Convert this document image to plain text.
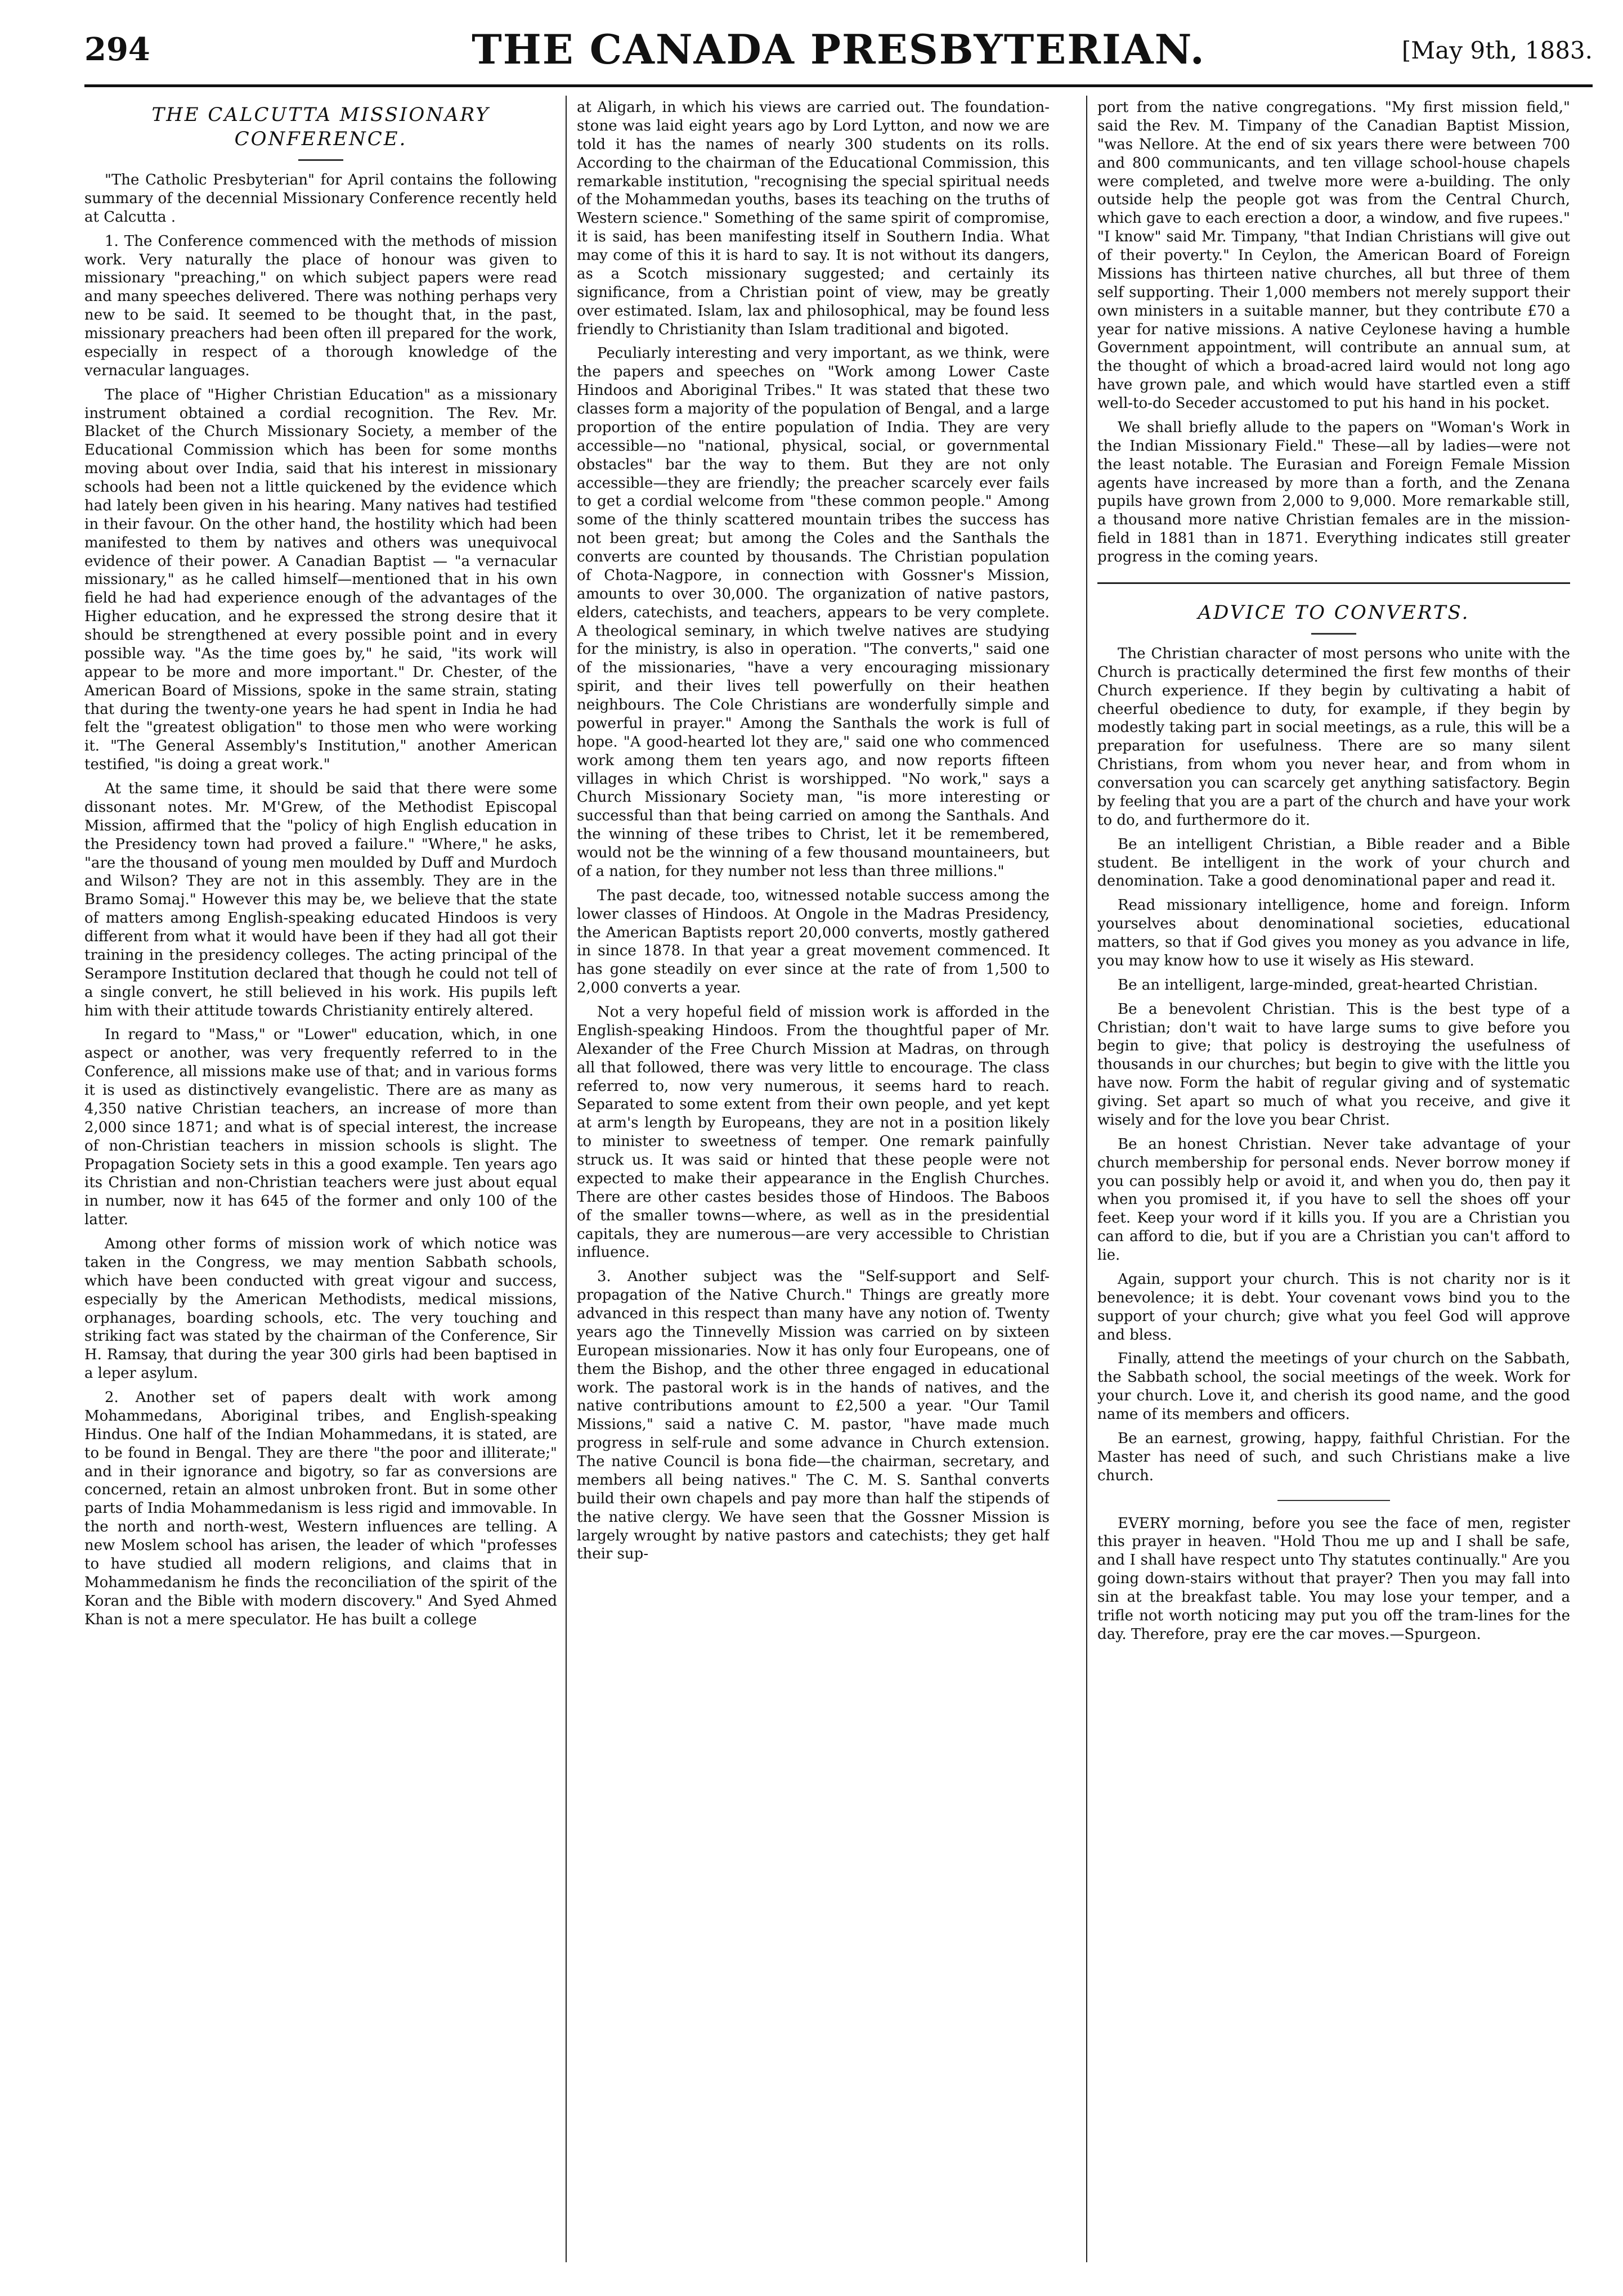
294	THE CANADA PRESBYTERIAN.	[May 9th, 1883.
THE CALCUTTA MISSIONARY CONFERENCE.

"The Catholic Presbyterian" for April contains the following summary of the decennial Missionary Conference recently held at Calcutta .

1. The Conference commenced with the methods of mission work. Very naturally the place of honour was given to missionary "preaching," on which subject papers were read and many speeches delivered. There was nothing perhaps very new to be said. It seemed to be thought that, in the past, missionary preachers had been often ill prepared for the work, especially in respect of a thorough knowledge of the vernacular languages.

The place of "Higher Christian Education" as a missionary instrument obtained a cordial recognition. The Rev. Mr. Blacket of the Church Missionary Society, a member of the Educational Commission which has been for some months moving about over India, said that his interest in missionary schools had been not a little quickened by the evidence which had lately been given in his hearing. Many natives had testified in their favour. On the other hand, the hostility which had been manifested to them by natives and others was unequivocal evidence of their power. A Canadian Baptist — "a vernacular missionary," as he called himself—mentioned that in his own field he had had experience enough of the advantages of the Higher education, and he expressed the strong desire that it should be strengthened at every possible point and in every possible way. "As the time goes by," he said, "its work will appear to be more and more important." Dr. Chester, of the American Board of Missions, spoke in the same strain, stating that during the twenty-one years he had spent in India he had felt the "greatest obligation" to those men who were working it. "The General Assembly's Institution," another American testified, "is doing a great work."

At the same time, it should be said that there were some dissonant notes. Mr. M'Grew, of the Methodist Episcopal Mission, affirmed that the "policy of high English education in the Presidency town had proved a failure." "Where," he asks, "are the thousand of young men moulded by Duff and Murdoch and Wilson? They are not in this assembly. They are in the Bramo Somaj." However this may be, we believe that the state of matters among English-speaking educated Hindoos is very different from what it would have been if they had all got their training in the presidency colleges. The acting principal of the Serampore Institution declared that though he could not tell of a single convert, he still believed in his work. His pupils left him with their attitude towards Christianity entirely altered.

In regard to "Mass," or "Lower" education, which, in one aspect or another, was very frequently referred to in the Conference, all missions make use of that; and in various forms it is used as distinctively evangelistic. There are as many as 4,350 native Christian teachers, an increase of more than 2,000 since 1871; and what is of special interest, the increase of non-Christian teachers in mission schools is slight. The Propagation Society sets in this a good example. Ten years ago its Christian and non-Christian teachers were just about equal in number, now it has 645 of the former and only 100 of the latter.

Among other forms of mission work of which notice was taken in the Congress, we may mention Sabbath schools, which have been conducted with great vigour and success, especially by the American Methodists, medical missions, orphanages, boarding schools, etc. The very touching and striking fact was stated by the chairman of the Conference, Sir H. Ramsay, that during the year 300 girls had been baptised in a leper asylum.

2. Another set of papers dealt with work among Mohammedans, Aboriginal tribes, and English-speaking Hindus. One half of the Indian Mohammedans, it is stated, are to be found in Bengal. They are there "the poor and illiterate;" and in their ignorance and bigotry, so far as conversions are concerned, retain an almost unbroken front. But in some other parts of India Mohammedanism is less rigid and immovable. In the north and north-west, Western influences are telling. A new Moslem school has arisen, the leader of which "professes to have studied all modern religions, and claims that in Mohammedanism he finds the reconciliation of the spirit of the Koran and the Bible with modern discovery." And Syed Ahmed Khan is not a mere speculator. He has built a college

at Aligarh, in which his views are carried out. The foundation-stone was laid eight years ago by Lord Lytton, and now we are told it has the names of nearly 300 students on its rolls. According to the chairman of the Educational Commission, this remarkable institution, "recognising the special spiritual needs of the Mohammedan youths, bases its teaching on the truths of Western science." Something of the same spirit of compromise, it is said, has been manifesting itself in Southern India. What may come of this it is hard to say. It is not without its dangers, as a Scotch missionary suggested; and certainly its significance, from a Christian point of view, may be greatly over estimated. Islam, lax and philosophical, may be found less friendly to Christianity than Islam traditional and bigoted.

Peculiarly interesting and very important, as we think, were the papers and speeches on "Work among Lower Caste Hindoos and Aboriginal Tribes." It was stated that these two classes form a majority of the population of Bengal, and a large proportion of the entire population of India. They are very accessible—no "national, physical, social, or governmental obstacles" bar the way to them. But they are not only accessible—they are friendly; the preacher scarcely ever fails to get a cordial welcome from "these common people." Among some of the thinly scattered mountain tribes the success has not been great; but among the Coles and the Santhals the converts are counted by thousands. The Christian population of Chota-Nagpore, in connection with Gossner's Mission, amounts to over 30,000. The organization of native pastors, elders, catechists, and teachers, appears to be very complete. A theological seminary, in which twelve natives are studying for the ministry, is also in operation. "The converts," said one of the missionaries, "have a very encouraging missionary spirit, and their lives tell powerfully on their heathen neighbours. The Cole Christians are wonderfully simple and powerful in prayer." Among the Santhals the work is full of hope. "A good-hearted lot they are," said one who commenced work among them ten years ago, and now reports fifteen villages in which Christ is worshipped. "No work," says a Church Missionary Society man, "is more interesting or successful than that being carried on among the Santhals. And the winning of these tribes to Christ, let it be remembered, would not be the winning of a few thousand mountaineers, but of a nation, for they number not less than three millions."

The past decade, too, witnessed notable success among the lower classes of Hindoos. At Ongole in the Madras Presidency, the American Baptists report 20,000 converts, mostly gathered in since 1878. In that year a great movement commenced. It has gone steadily on ever since at the rate of from 1,500 to 2,000 converts a year.

Not a very hopeful field of mission work is afforded in the English-speaking Hindoos. From the thoughtful paper of Mr. Alexander of the Free Church Mission at Madras, on through all that followed, there was very little to encourage. The class referred to, now very numerous, it seems hard to reach. Separated to some extent from their own people, and yet kept at arm's length by Europeans, they are not in a position likely to minister to sweetness of temper. One remark painfully struck us. It was said or hinted that these people were not expected to make their appearance in the English Churches. There are other castes besides those of Hindoos. The Baboos of the smaller towns—where, as well as in the presidential capitals, they are numerous—are very accessible to Christian influence.

3. Another subject was the "Self-support and Self-propagation of the Native Church." Things are greatly more advanced in this respect than many have any notion of. Twenty years ago the Tinnevelly Mission was carried on by sixteen European missionaries. Now it has only four Europeans, one of them the Bishop, and the other three engaged in educational work. The pastoral work is in the hands of natives, and the native contributions amount to £2,500 a year. "Our Tamil Missions," said a native C. M. pastor, "have made much progress in self-rule and some advance in Church extension. The native Council is bona fide—the chairman, secretary, and members all being natives." The C. M. S. Santhal converts build their own chapels and pay more than half the stipends of the native clergy. We have seen that the Gossner Mission is largely wrought by native pastors and catechists; they get half their sup-

port from the native congregations. "My first mission field," said the Rev. M. Timpany of the Canadian Baptist Mission, "was Nellore. At the end of six years there were between 700 and 800 communicants, and ten village school-house chapels were completed, and twelve more were a-building. The only outside help the people got was from the Central Church, which gave to each erection a door, a window, and five rupees." "I know" said Mr. Timpany, "that Indian Christians will give out of their poverty." In Ceylon, the American Board of Foreign Missions has thirteen native churches, all but three of them self supporting. Their 1,000 members not merely support their own ministers in a suitable manner, but they contribute £70 a year for native missions. A native Ceylonese having a humble Government appointment, will contribute an annual sum, at the thought of which a broad-acred laird would not long ago have grown pale, and which would have startled even a stiff well-to-do Seceder accustomed to put his hand in his pocket.

We shall briefly allude to the papers on "Woman's Work in the Indian Missionary Field." These—all by ladies—were not the least notable. The Eurasian and Foreign Female Mission agents have increased by more than a forth, and the Zenana pupils have grown from 2,000 to 9,000. More remarkable still, a thousand more native Christian females are in the mission-field in 1881 than in 1871. Everything indicates still greater progress in the coming years.

ADVICE TO CONVERTS.

The Christian character of most persons who unite with the Church is practically determined the first few months of their Church experience. If they begin by cultivating a habit of cheerful obedience to duty, for example, if they begin by modestly taking part in social meetings, as a rule, this will be a preparation for usefulness. There are so many silent Christians, from whom you never hear, and from whom in conversation you can scarcely get anything satisfactory. Begin by feeling that you are a part of the church and have your work to do, and furthermore do it.

Be an intelligent Christian, a Bible reader and a Bible student. Be intelligent in the work of your church and denomination. Take a good denominational paper and read it.

Read missionary intelligence, home and foreign. Inform yourselves about denominational societies, educational matters, so that if God gives you money as you advance in life, you may know how to use it wisely as His steward.

Be an intelligent, large-minded, great-hearted Christian.

Be a benevolent Christian. This is the best type of a Christian; don't wait to have large sums to give before you begin to give; that policy is destroying the usefulness of thousands in our churches; but begin to give with the little you have now. Form the habit of regular giving and of systematic giving. Set apart so much of what you receive, and give it wisely and for the love you bear Christ.

Be an honest Christian. Never take advantage of your church membership for personal ends. Never borrow money if you can possibly help or avoid it, and when you do, then pay it when you promised it, if you have to sell the shoes off your feet. Keep your word if it kills you. If you are a Christian you can afford to die, but if you are a Christian you can't afford to lie.

Again, support your church. This is not charity nor is it benevolence; it is debt. Your covenant vows bind you to the support of your church; give what you feel God will approve and bless.

Finally, attend the meetings of your church on the Sabbath, the Sabbath school, the social meetings of the week. Work for your church. Love it, and cherish its good name, and the good name of its members and officers.

Be an earnest, growing, happy, faithful Christian. For the Master has need of such, and such Christians make a live church.

EVERY morning, before you see the face of men, register this prayer in heaven. "Hold Thou me up and I shall be safe, and I shall have respect unto Thy statutes continually." Are you going down-stairs without that prayer? Then you may fall into sin at the breakfast table. You may lose your temper, and a trifle not worth noticing may put you off the tram-lines for the day. Therefore, pray ere the car moves.—Spurgeon.
